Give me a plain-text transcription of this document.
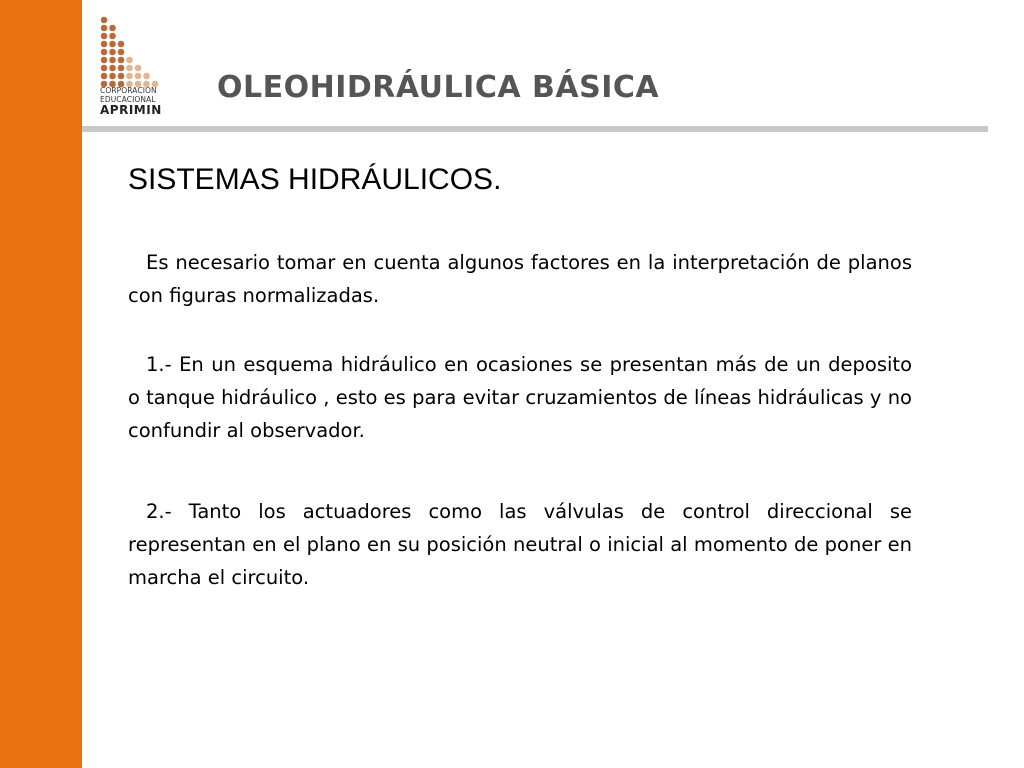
CORPORACION
EDUCACIONAL
APRIMIN
OLEOHIDRÁULICA BÁSICA
SISTEMAS HIDRÁULICOS.
Es necesario tomar en cuenta algunos factores en la interpretación de planos con figuras normalizadas.
1.- En un esquema hidráulico en ocasiones se presentan más de un deposito o tanque hidráulico , esto es para evitar cruzamientos de líneas hidráulicas y no confundir al observador.
2.- Tanto los actuadores como las válvulas de control direccional se representan en el plano en su posición neutral o inicial al momento de poner en marcha el circuito.
